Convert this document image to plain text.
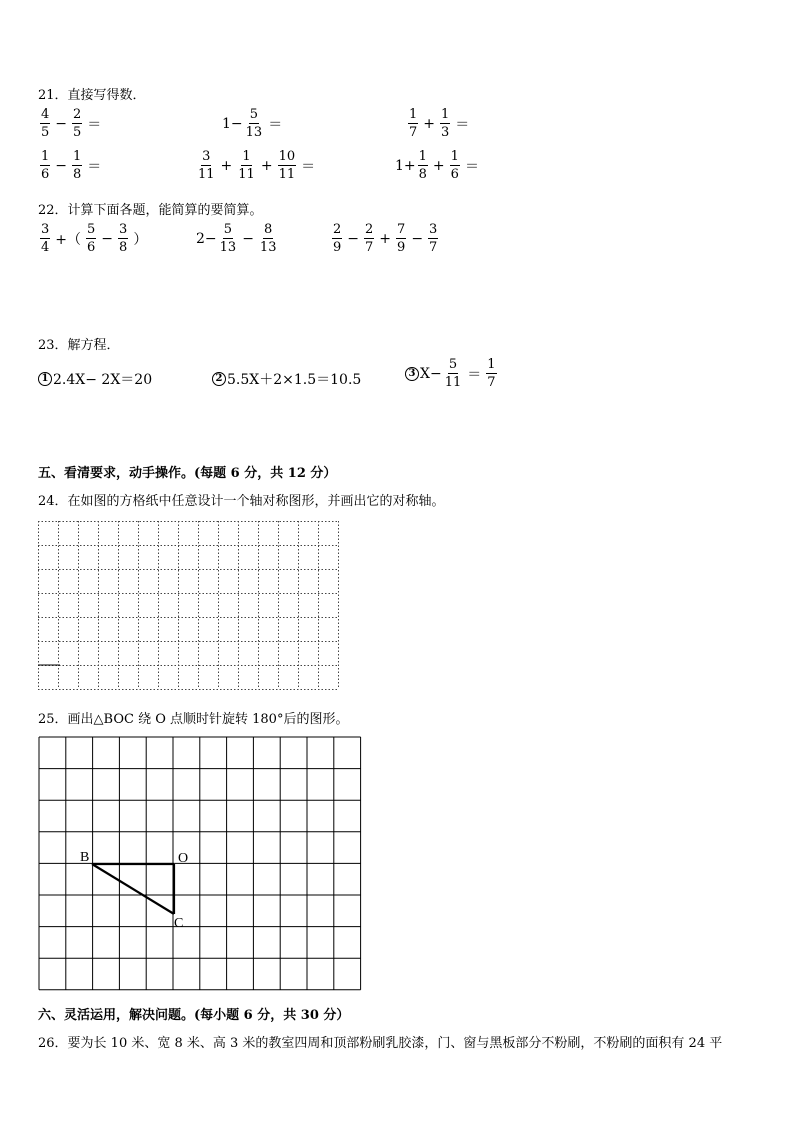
21．直接写得数．
$\frac{4}{5} - \frac{2}{5}$ ＝	$1- \frac{5}{13}$ ＝	$\frac{1}{7} + \frac{1}{3}$ ＝
$\frac{1}{6} - \frac{1}{8}$ ＝	$\frac{3}{11} + \frac{1}{11} + \frac{10}{11}$ ＝	$1+ \frac{1}{8} + \frac{1}{6}$ ＝
22．计算下面各题，能简算的要简算。
$\frac{3}{4}$ +（ $\frac{5}{6} - \frac{3}{8}$ ）	$2- \frac{5}{13} - \frac{8}{13}$	$\frac{2}{9} - \frac{2}{7} + \frac{7}{9} - \frac{3}{7}$
23．解方程．
1 2.4X− 2X＝20	2 5.5X＋2×1.5＝10.5	3 $X- \frac{5}{11} = \frac{1}{7}$
五、看清要求，动手操作。(每题 6 分，共 12 分）
24．在如图的方格纸中任意设计一个轴对称图形，并画出它的对称轴。
25．画出△BOC 绕 O 点顺时针旋转 180°后的图形。
B	O
C
六、灵活运用，解决问题。(每小题 6 分，共 30 分）
26．要为长 10 米、宽 8 米、高 3 米的教室四周和顶部粉刷乳胶漆，门、窗与黑板部分不粉刷，不粉刷的面积有 24 平
